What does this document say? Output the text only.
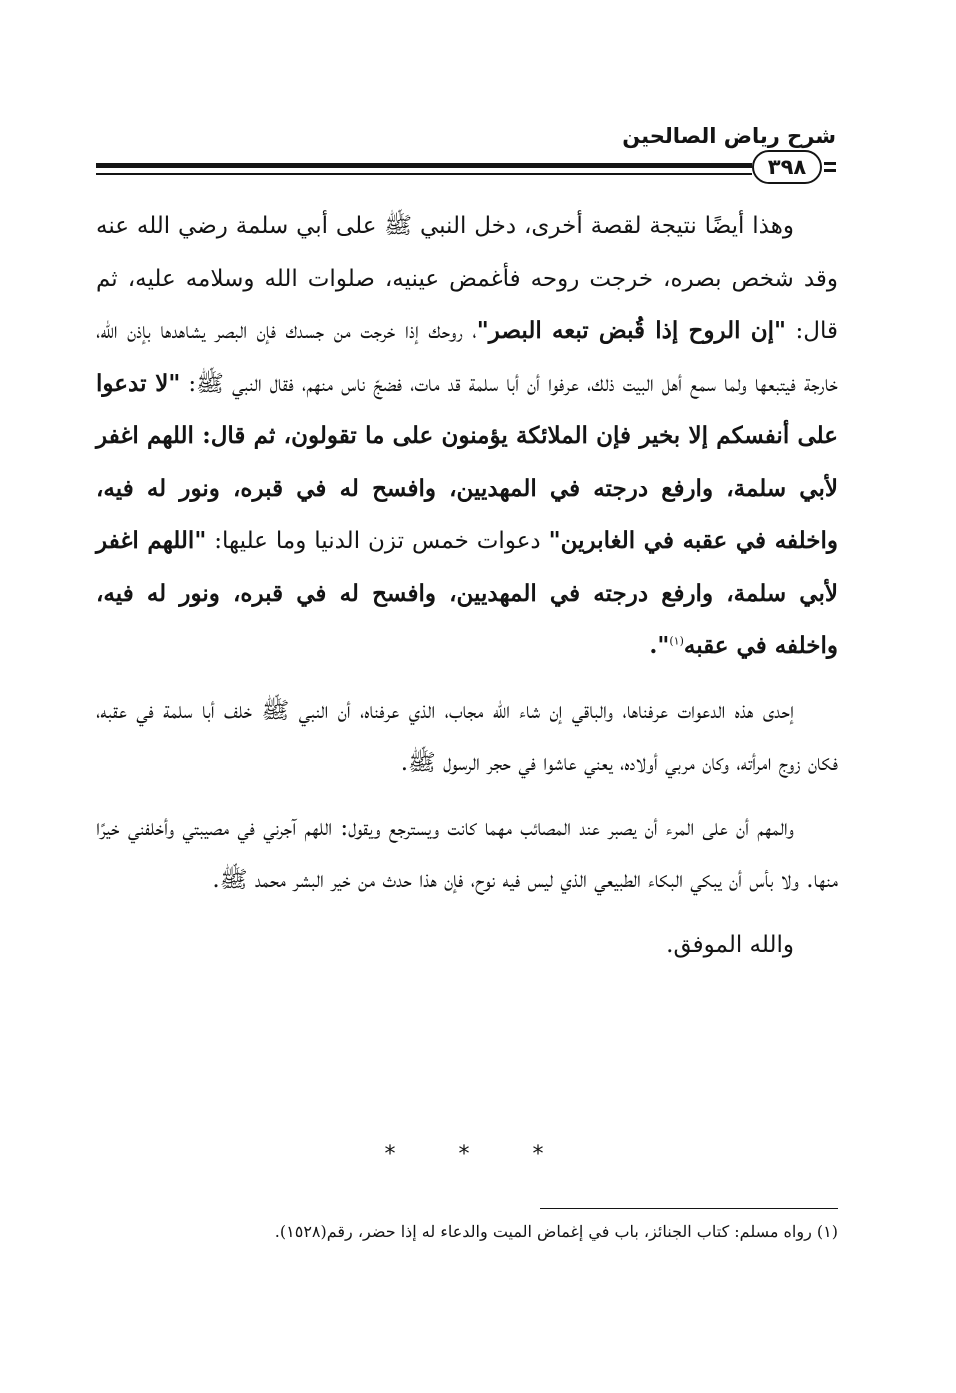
شرح رياض الصالحين
٣٩٨

وهذا أيضًا نتيجة لقصة أخرى، دخل النبي ﷺ على أبي سلمة رضي الله عنه وقد شخص بصره، خرجت روحه فأغمض عينيه، صلوات الله وسلامه عليه، ثم قال: "إن الروح إذا قُبض تبعه البصر"، روحك إذا خرجت من جسدك فإن البصر يشاهدها بإذن الله، خارجة فيتبعها ولما سمع أهل البيت ذلك، عرفوا أن أبا سلمة قد مات، فضجّ ناس منهم، فقال النبي ﷺ: "لا تدعوا على أنفسكم إلا بخير فإن الملائكة يؤمنون على ما تقولون، ثم قال: اللهم اغفر لأبي سلمة، وارفع درجته في المهديين، وافسح له في قبره، ونور له فيه، واخلفه في عقبه في الغابرين" دعوات خمس تزن الدنيا وما عليها: "اللهم اغفر لأبي سلمة، وارفع درجته في المهديين، وافسح له في قبره، ونور له فيه، واخلفه في عقبه$^{(١)}$".

إحدى هذه الدعوات عرفناها، والباقي إن شاء الله مجاب، الذي عرفناه، أن النبي ﷺ خلف أبا سلمة في عقبه، فكان زوج امرأته، وكان مربي أولاده، يعني عاشوا في حجر الرسول ﷺ.

والمهم أن على المرء أن يصبر عند المصائب مهما كانت ويسترجع ويقول: اللهم آجرني في مصيبتي وأخلفني خيرًا منها. ولا بأس أن يبكي البكاء الطبيعي الذي ليس فيه نوح، فإن هذا حدث من خير البشر محمد ﷺ.

والله الموفق.

* * *
(١) رواه مسلم: كتاب الجنائز، باب في إغماض الميت والدعاء له إذا حضر، رقم(١٥٢٨).
